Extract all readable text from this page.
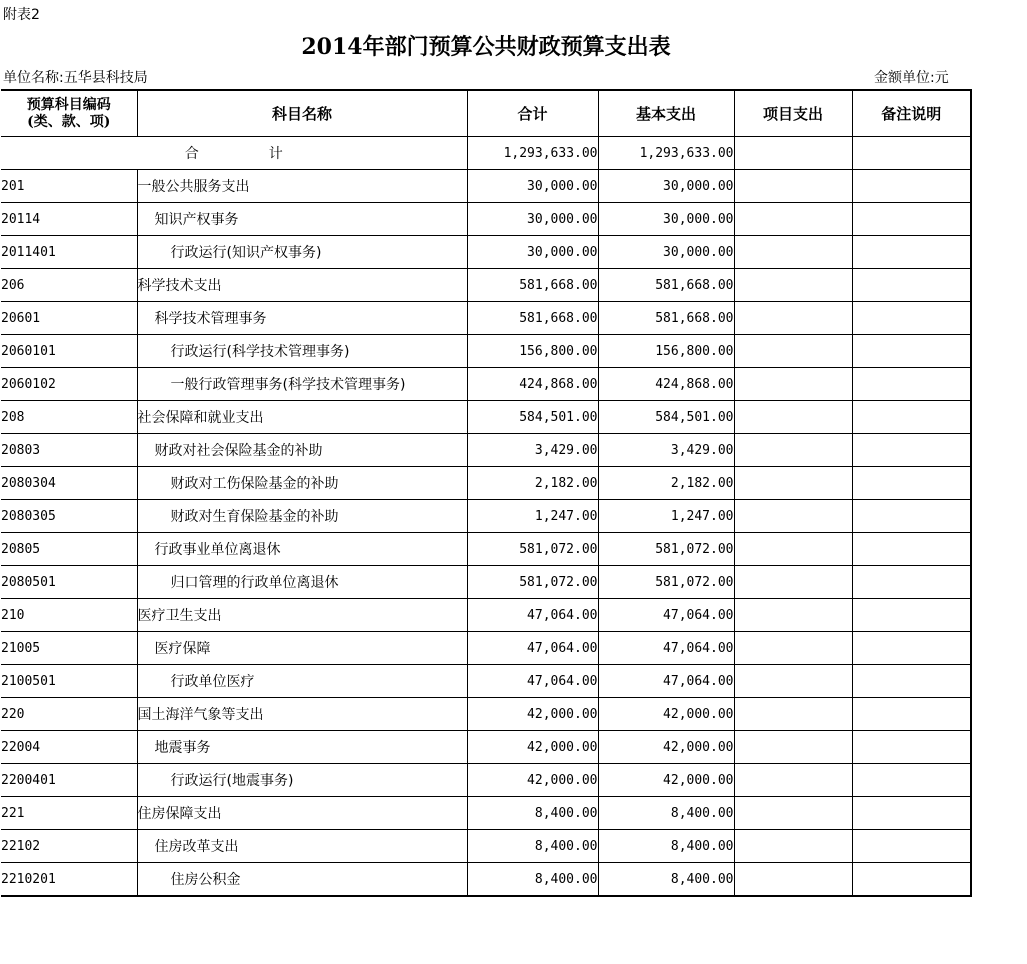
附表2
2014年部门预算公共财政预算支出表
单位名称:五华县科技局	金额单位:元
预算科目编码
(类、款、项)	科目名称	合计	基本支出	项目支出	备注说明
合 计		1,293,633.00	1,293,633.00		
201	一般公共服务支出	30,000.00	30,000.00		
20114	知识产权事务	30,000.00	30,000.00		
2011401	行政运行(知识产权事务)	30,000.00	30,000.00		
206	科学技术支出	581,668.00	581,668.00		
20601	科学技术管理事务	581,668.00	581,668.00		
2060101	行政运行(科学技术管理事务)	156,800.00	156,800.00		
2060102	一般行政管理事务(科学技术管理事务)	424,868.00	424,868.00		
208	社会保障和就业支出	584,501.00	584,501.00		
20803	财政对社会保险基金的补助	3,429.00	3,429.00		
2080304	财政对工伤保险基金的补助	2,182.00	2,182.00		
2080305	财政对生育保险基金的补助	1,247.00	1,247.00		
20805	行政事业单位离退休	581,072.00	581,072.00		
2080501	归口管理的行政单位离退休	581,072.00	581,072.00		
210	医疗卫生支出	47,064.00	47,064.00		
21005	医疗保障	47,064.00	47,064.00		
2100501	行政单位医疗	47,064.00	47,064.00		
220	国土海洋气象等支出	42,000.00	42,000.00		
22004	地震事务	42,000.00	42,000.00		
2200401	行政运行(地震事务)	42,000.00	42,000.00		
221	住房保障支出	8,400.00	8,400.00		
22102	住房改革支出	8,400.00	8,400.00		
2210201	住房公积金	8,400.00	8,400.00		
